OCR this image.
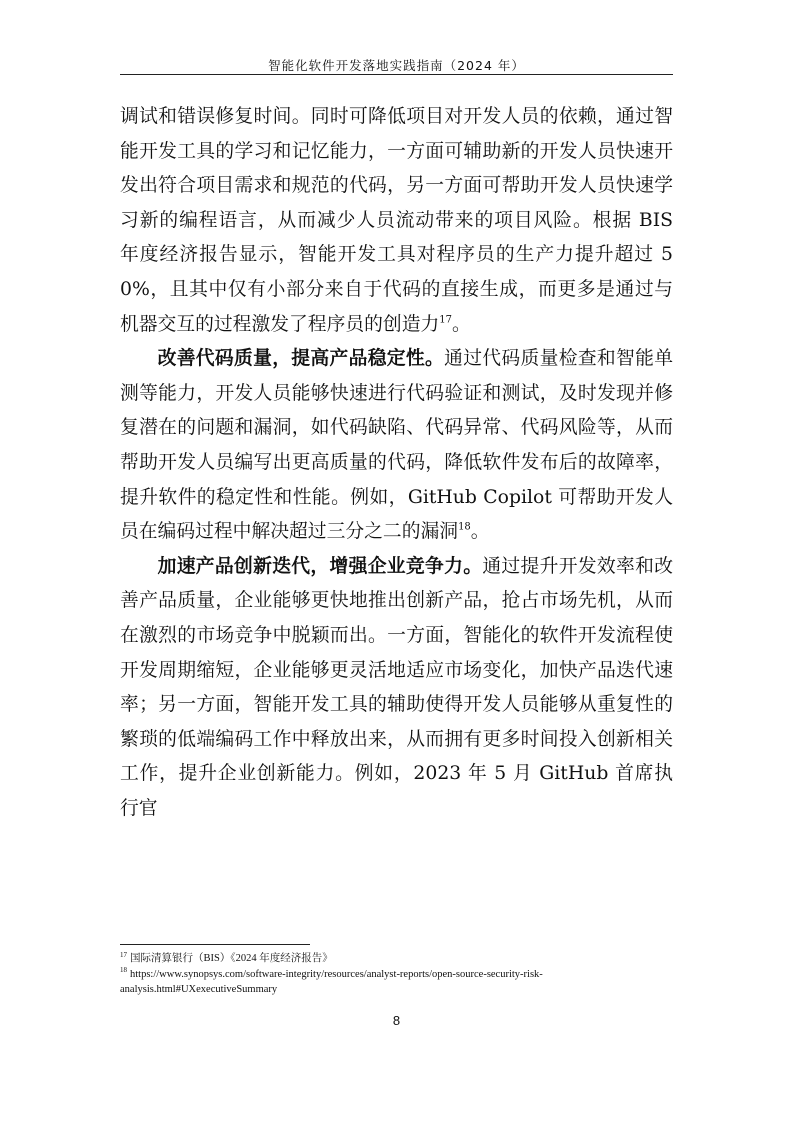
智能化软件开发落地实践指南（2024 年）

调试和错误修复时间。同时可降低项目对开发人员的依赖，通过智能开发工具的学习和记忆能力，一方面可辅助新的开发人员快速开发出符合项目需求和规范的代码，另一方面可帮助开发人员快速学习新的编程语言，从而减少人员流动带来的项目风险。根据 BIS 年度经济报告显示，智能开发工具对程序员的生产力提升超过 50%，且其中仅有小部分来自于代码的直接生成，而更多是通过与机器交互的过程激发了程序员的创造力$^{17}$。

改善代码质量，提高产品稳定性。通过代码质量检查和智能单测等能力，开发人员能够快速进行代码验证和测试，及时发现并修复潜在的问题和漏洞，如代码缺陷、代码异常、代码风险等，从而帮助开发人员编写出更高质量的代码，降低软件发布后的故障率，提升软件的稳定性和性能。例如，GitHub Copilot 可帮助开发人员在编码过程中解决超过三分之二的漏洞$^{18}$。

加速产品创新迭代，增强企业竞争力。通过提升开发效率和改善产品质量，企业能够更快地推出创新产品，抢占市场先机，从而在激烈的市场竞争中脱颖而出。一方面，智能化的软件开发流程使开发周期缩短，企业能够更灵活地适应市场变化，加快产品迭代速率；另一方面，智能开发工具的辅助使得开发人员能够从重复性的繁琐的低端编码工作中释放出来，从而拥有更多时间投入创新相关工作，提升企业创新能力。例如，2023 年 5 月 GitHub 首席执行官

$^{17}$ 国际清算银行（BIS）《2024 年度经济报告》

$^{18}$ https://www.synopsys.com/software-integrity/resources/analyst-reports/open-source-security-risk-analysis.html#UXexecutiveSummary

8
